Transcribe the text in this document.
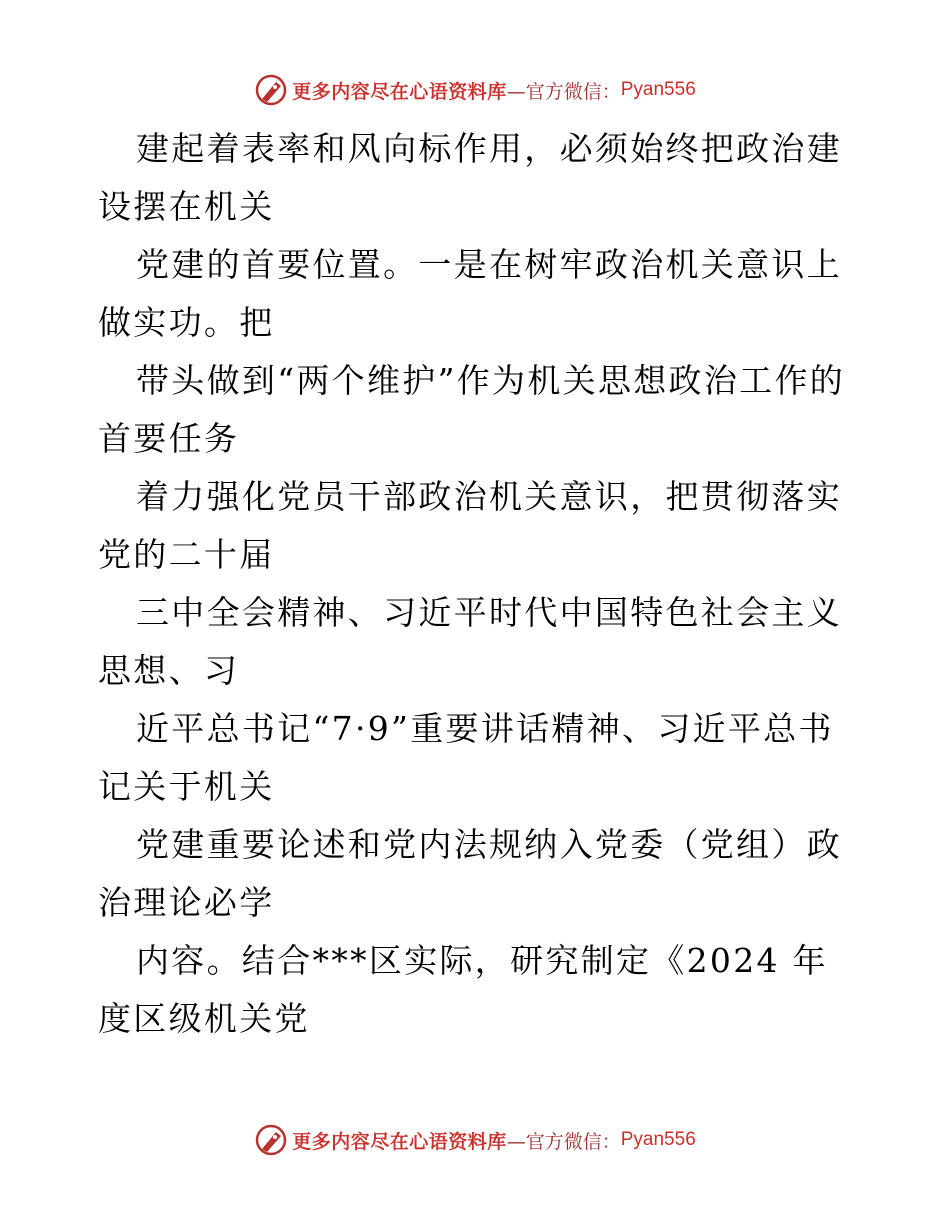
更多内容尽在心语资料库 —官方微信： Pyan556

建起着表率和风向标作用，必须始终把政治建设摆在机关

党建的首要位置。一是在树牢政治机关意识上做实功。把

带头做到“两个维护”作为机关思想政治工作的首要任务

着力强化党员干部政治机关意识，把贯彻落实党的二十届

三中全会精神、习近平时代中国特色社会主义思想、习

近平总书记“7·9”重要讲话精神、习近平总书记关于机关

党建重要论述和党内法规纳入党委（党组）政治理论必学

内容。结合***区实际，研究制定《2024 年度区级机关党

更多内容尽在心语资料库 —官方微信： Pyan556
